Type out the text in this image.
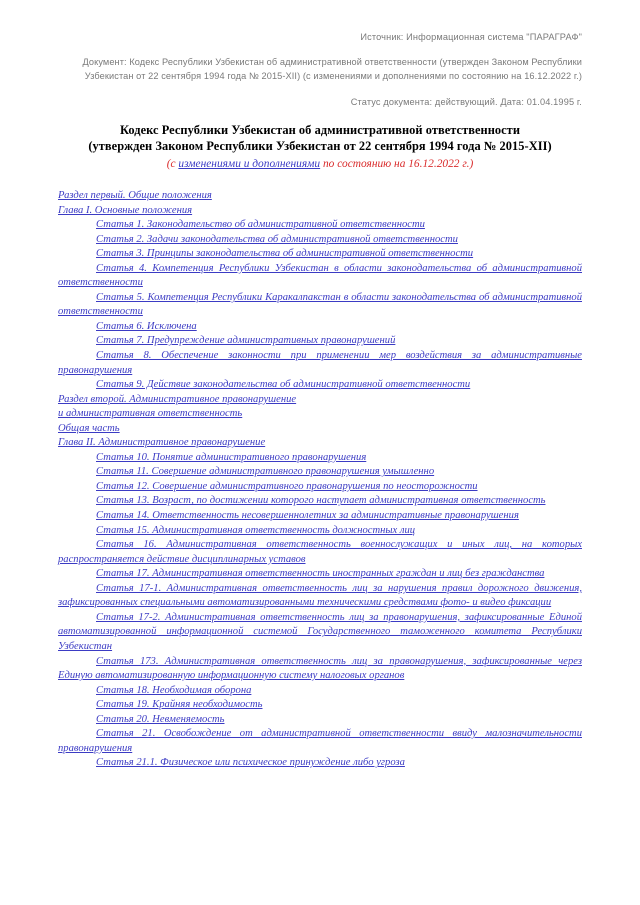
Источник: Информационная система "ПАРАГРАФ"

Документ: Кодекс Республики Узбекистан об административной ответственности (утвержден Законом Республики Узбекистан от 22 сентября 1994 года № 2015-XII) (с изменениями и дополнениями по состоянию на 16.12.2022 г.)

Статус документа: действующий. Дата: 01.04.1995 г.

Кодекс Республики Узбекистан об административной ответственности
(утвержден Законом Республики Узбекистан от 22 сентября 1994 года № 2015-XII)

(с изменениями и дополнениями по состоянию на 16.12.2022 г.)

Раздел первый. Общие положения
Глава I. Основные положения
Статья 1. Законодательство об административной ответственности
Статья 2. Задачи законодательства об административной ответственности
Статья 3. Принципы законодательства об административной ответственности
Статья 4. Компетенция Республики Узбекистан в области законодательства об административной ответственности
Статья 5. Компетенция Республики Каракалпакстан в области законодательства об административной ответственности
Статья 6. Исключена
Статья 7. Предупреждение административных правонарушений
Статья 8. Обеспечение законности при применении мер воздействия за административные правонарушения
Статья 9. Действие законодательства об административной ответственности
Раздел второй. Административное правонарушение
и административная ответственность
Общая часть
Глава II. Административное правонарушение
Статья 10. Понятие административного правонарушения
Статья 11. Совершение административного правонарушения умышленно
Статья 12. Совершение административного правонарушения по неосторожности
Статья 13. Возраст, по достижении которого наступает административная ответственность
Статья 14. Ответственность несовершеннолетних за административные правонарушения
Статья 15. Административная ответственность должностных лиц
Статья 16. Административная ответственность военнослужащих и иных лиц, на которых распространяется действие дисциплинарных уставов
Статья 17. Административная ответственность иностранных граждан и лиц без гражданства
Статья 17-1. Административная ответственность лиц за нарушения правил дорожного движения, зафиксированных специальными автоматизированными техническими средствами фото- и видео фиксации
Статья 17-2. Административная ответственность лиц за правонарушения, зафиксированные Единой автоматизированной информационной системой Государственного таможенного комитета Республики Узбекистан
Статья 173. Административная ответственность лиц за правонарушения, зафиксированные через Единую автоматизированную информационную систему налоговых органов
Статья 18. Необходимая оборона
Статья 19. Крайняя необходимость
Статья 20. Невменяемость
Статья 21. Освобождение от административной ответственности ввиду малозначительности правонарушения
Статья 21.1. Физическое или психическое принуждение либо угроза
